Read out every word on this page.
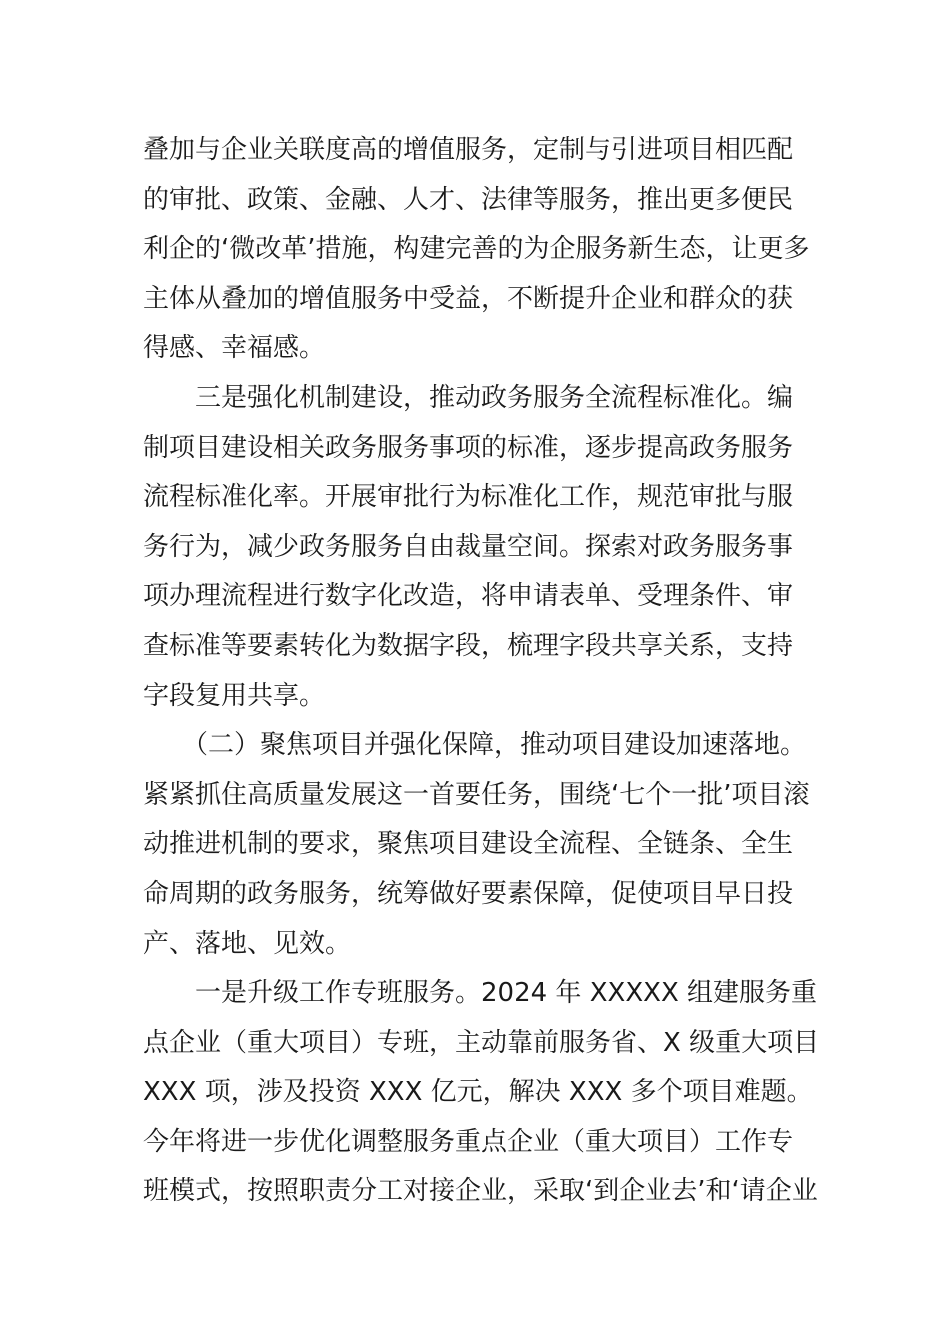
叠加与企业关联度高的增值服务，定制与引进项目相匹配
的审批、政策、金融、人才、法律等服务，推出更多便民
利企的‘微改革’措施，构建完善的为企服务新生态，让更多
主体从叠加的增值服务中受益，不断提升企业和群众的获
得感、幸福感。
　　三是强化机制建设，推动政务服务全流程标准化。编
制项目建设相关政务服务事项的标准，逐步提高政务服务
流程标准化率。开展审批行为标准化工作，规范审批与服
务行为，减少政务服务自由裁量空间。探索对政务服务事
项办理流程进行数字化改造，将申请表单、受理条件、审
查标准等要素转化为数据字段，梳理字段共享关系，支持
字段复用共享。
　　（二）聚焦项目并强化保障，推动项目建设加速落地。
紧紧抓住高质量发展这一首要任务，围绕‘七个一批’项目滚
动推进机制的要求，聚焦项目建设全流程、全链条、全生
命周期的政务服务，统筹做好要素保障，促使项目早日投
产、落地、见效。
　　一是升级工作专班服务。2024 年 XXXXX 组建服务重
点企业（重大项目）专班，主动靠前服务省、X 级重大项目
XXX 项，涉及投资 XXX 亿元，解决 XXX 多个项目难题。
今年将进一步优化调整服务重点企业（重大项目）工作专
班模式，按照职责分工对接企业，采取‘到企业去’和‘请企业
